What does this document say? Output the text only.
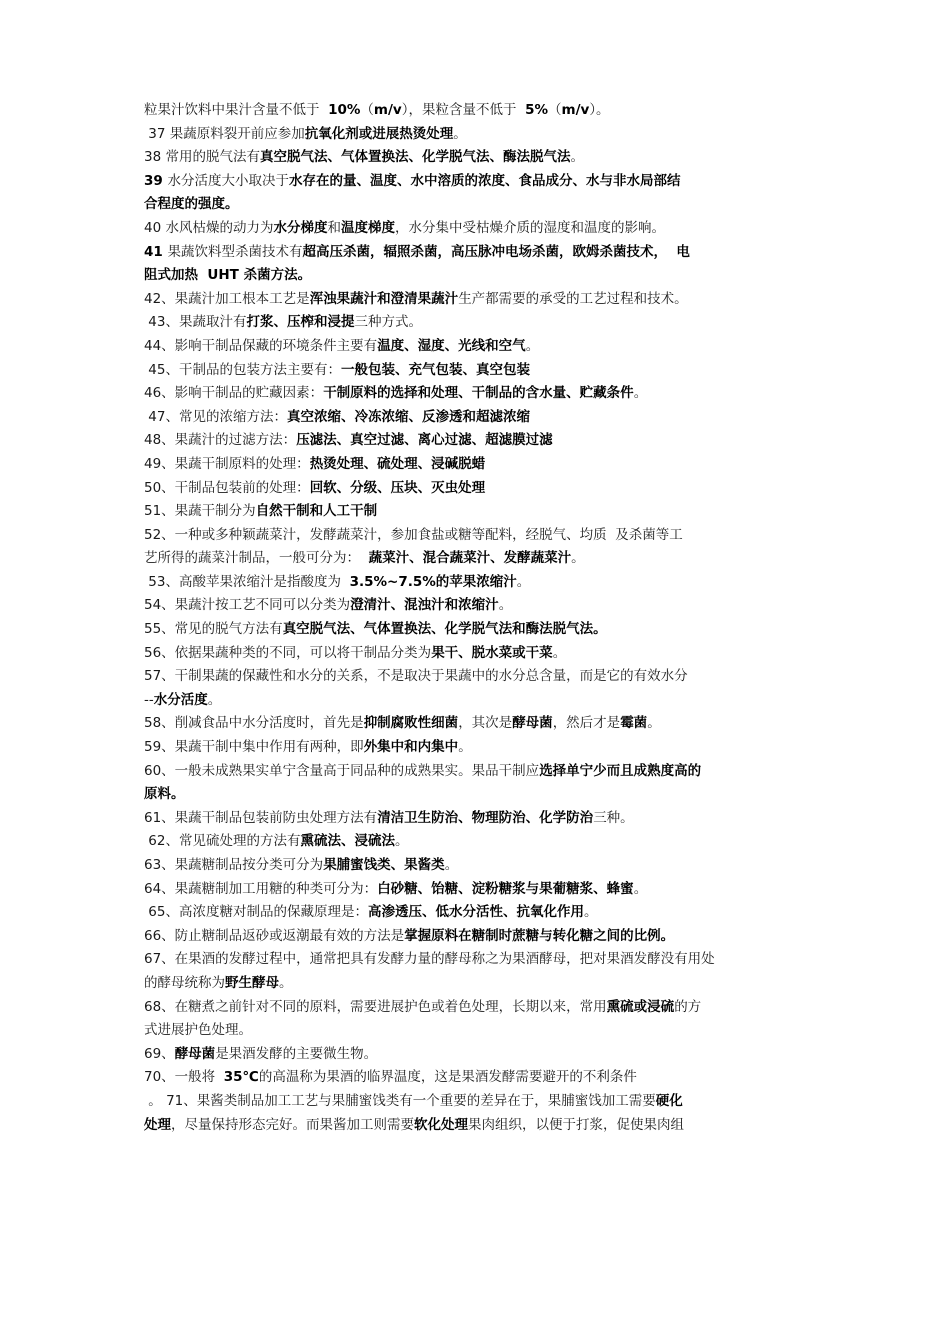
粒果汁饮料中果汁含量不低于  10%（m/v），果粒含量不低于  5%（m/v）。
37 果蔬原料裂开前应参加抗氧化剂或进展热烫处理。
38 常用的脱气法有真空脱气法、气体置换法、化学脱气法、酶法脱气法。
39 水分活度大小取决于水存在的量、温度、水中溶质的浓度、食品成分、水与非水局部结
合程度的强度。
40 水风枯燥的动力为水分梯度和温度梯度，水分集中受枯燥介质的湿度和温度的影响。
41 果蔬饮料型杀菌技术有超高压杀菌，辐照杀菌，高压脉冲电场杀菌，欧姆杀菌技术，  电
阻式加热  UHT 杀菌方法。
42、果蔬汁加工根本工艺是浑浊果蔬汁和澄清果蔬汁生产都需要的承受的工艺过程和技术。
43、果蔬取汁有打浆、压榨和浸提三种方式。
44、影响干制品保藏的环境条件主要有温度、湿度、光线和空气。
45、干制品的包装方法主要有：一般包装、充气包装、真空包装
46、影响干制品的贮藏因素：干制原料的选择和处理、干制品的含水量、贮藏条件。
47、常见的浓缩方法：真空浓缩、冷冻浓缩、反渗透和超滤浓缩
48、果蔬汁的过滤方法：压滤法、真空过滤、离心过滤、超滤膜过滤
49、果蔬干制原料的处理：热烫处理、硫处理、浸碱脱蜡
50、干制品包装前的处理：回软、分级、压块、灭虫处理
51、果蔬干制分为自然干制和人工干制
52、一种或多种颖蔬菜汁，发酵蔬菜汁，参加食盐或糖等配料，经脱气、均质  及杀菌等工
艺所得的蔬菜汁制品，一般可分为：  蔬菜汁、混合蔬菜汁、发酵蔬菜汁。
53、高酸苹果浓缩汁是指酸度为  3.5%~7.5%的苹果浓缩汁。
54、果蔬汁按工艺不同可以分类为澄清汁、混浊汁和浓缩汁。
55、常见的脱气方法有真空脱气法、气体置换法、化学脱气法和酶法脱气法。
56、依据果蔬种类的不同，可以将干制品分类为果干、脱水菜或干菜。
57、干制果蔬的保藏性和水分的关系，不是取决于果蔬中的水分总含量，而是它的有效水分
--水分活度。
58、削减食品中水分活度时，首先是抑制腐败性细菌，其次是酵母菌，然后才是霉菌。
59、果蔬干制中集中作用有两种，即外集中和内集中。
60、一般未成熟果实单宁含量高于同品种的成熟果实。果品干制应选择单宁少而且成熟度高的
原料。
61、果蔬干制品包装前防虫处理方法有清洁卫生防治、物理防治、化学防治三种。
62、常见硫处理的方法有熏硫法、浸硫法。
63、果蔬糖制品按分类可分为果脯蜜饯类、果酱类。
64、果蔬糖制加工用糖的种类可分为：白砂糖、饴糖、淀粉糖浆与果葡糖浆、蜂蜜。
65、高浓度糖对制品的保藏原理是：高渗透压、低水分活性、抗氧化作用。
66、防止糖制品返砂或返潮最有效的方法是掌握原料在糖制时蔗糖与转化糖之间的比例。
67、在果酒的发酵过程中，通常把具有发酵力量的酵母称之为果酒酵母，把对果酒发酵没有用处
的酵母统称为野生酵母。
68、在糖煮之前针对不同的原料，需要进展护色或着色处理，长期以来，常用熏硫或浸硫的方
式进展护色处理。
69、酵母菌是果酒发酵的主要微生物。
70、一般将  35℃的高温称为果酒的临界温度，这是果酒发酵需要避开的不利条件
。 71、果酱类制品加工工艺与果脯蜜饯类有一个重要的差异在于，果脯蜜饯加工需要硬化
处理，尽量保持形态完好。而果酱加工则需要软化处理果肉组织，以便于打浆，促使果肉组
